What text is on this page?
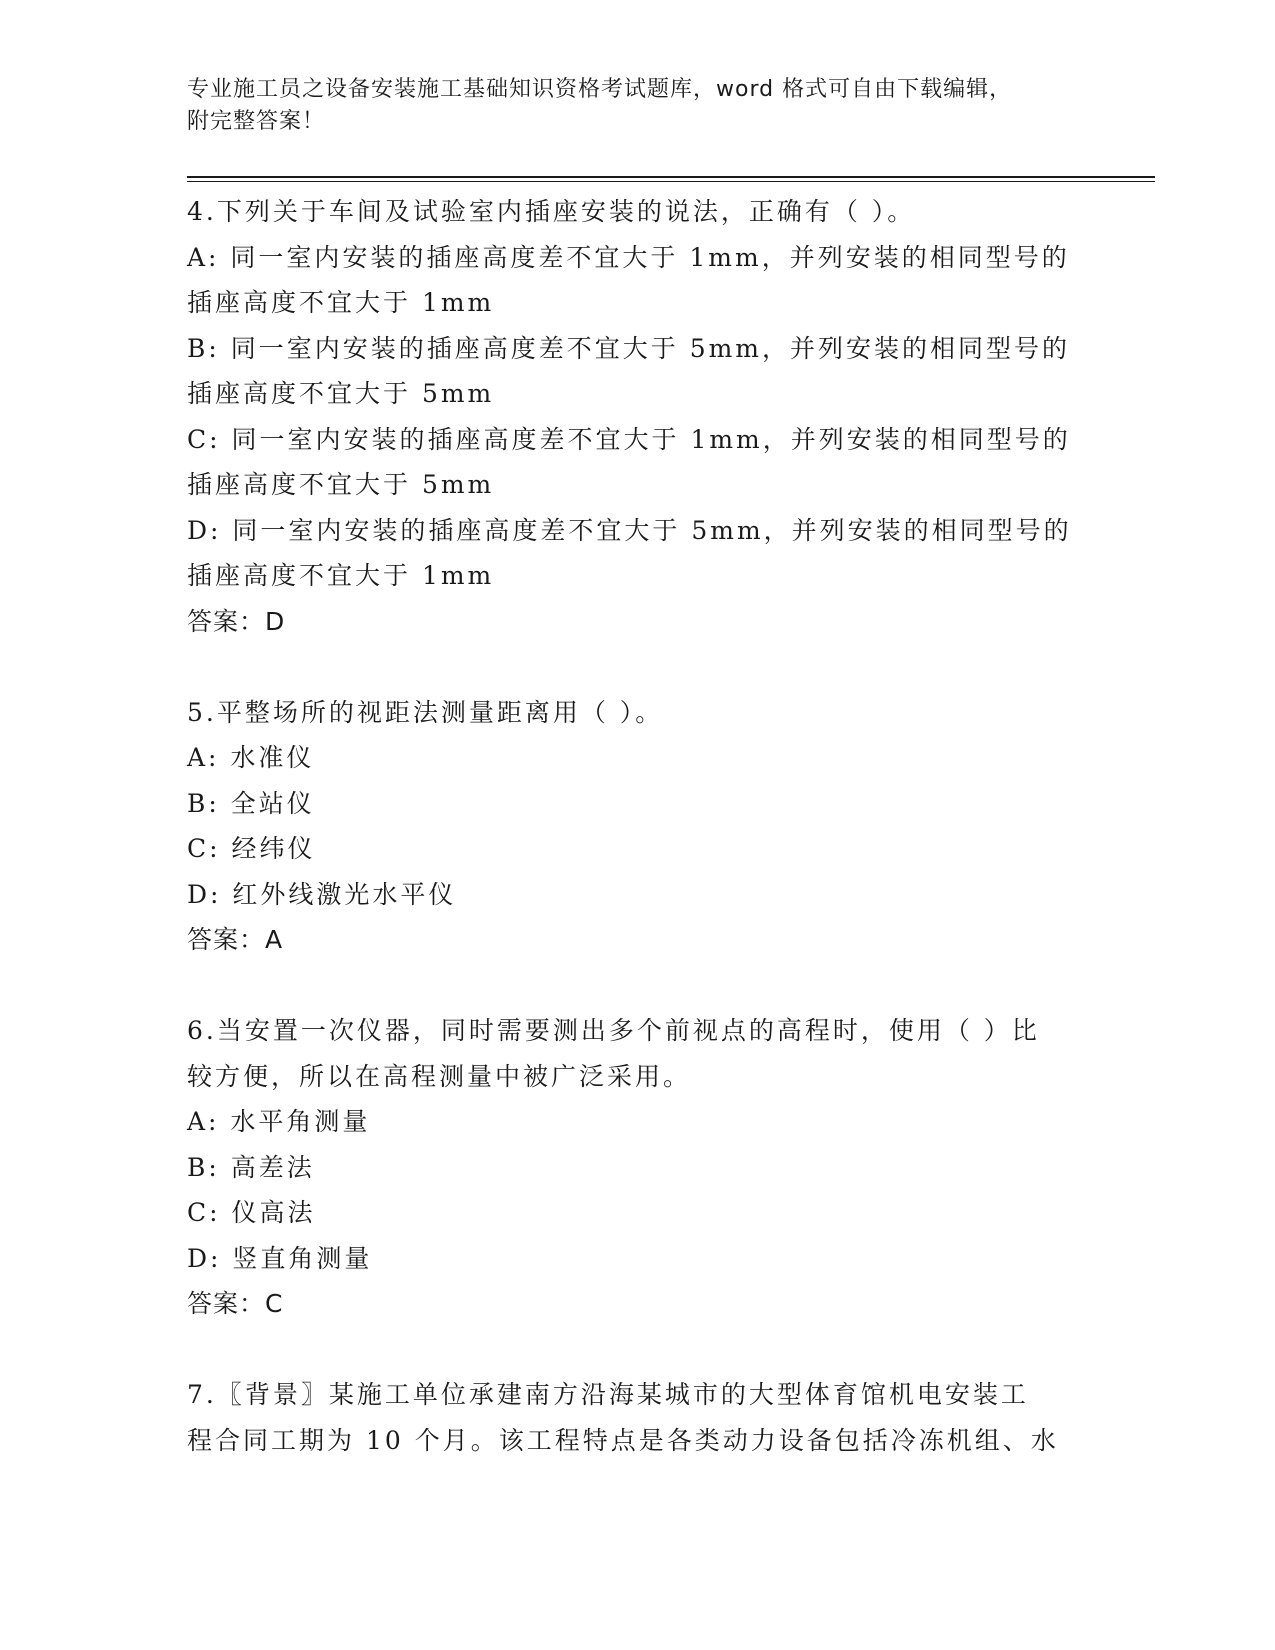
专业施工员之设备安装施工基础知识资格考试题库，word 格式可自由下载编辑，
附完整答案！
4.下列关于车间及试验室内插座安装的说法，正确有（ ）。
A: 同一室内安装的插座高度差不宜大于 1mm，并列安装的相同型号的
插座高度不宜大于 1mm
B: 同一室内安装的插座高度差不宜大于 5mm，并列安装的相同型号的
插座高度不宜大于 5mm
C: 同一室内安装的插座高度差不宜大于 1mm，并列安装的相同型号的
插座高度不宜大于 5mm
D: 同一室内安装的插座高度差不宜大于 5mm，并列安装的相同型号的
插座高度不宜大于 1mm
答案：D
5.平整场所的视距法测量距离用（ ）。
A: 水准仪
B: 全站仪
C: 经纬仪
D: 红外线激光水平仪
答案：A
6.当安置一次仪器，同时需要测出多个前视点的高程时，使用（ ）比
较方便，所以在高程测量中被广泛采用。
A: 水平角测量
B: 高差法
C: 仪高法
D: 竖直角测量
答案：C
7.〖背景〗某施工单位承建南方沿海某城市的大型体育馆机电安装工
程合同工期为 10 个月。该工程特点是各类动力设备包括冷冻机组、水
